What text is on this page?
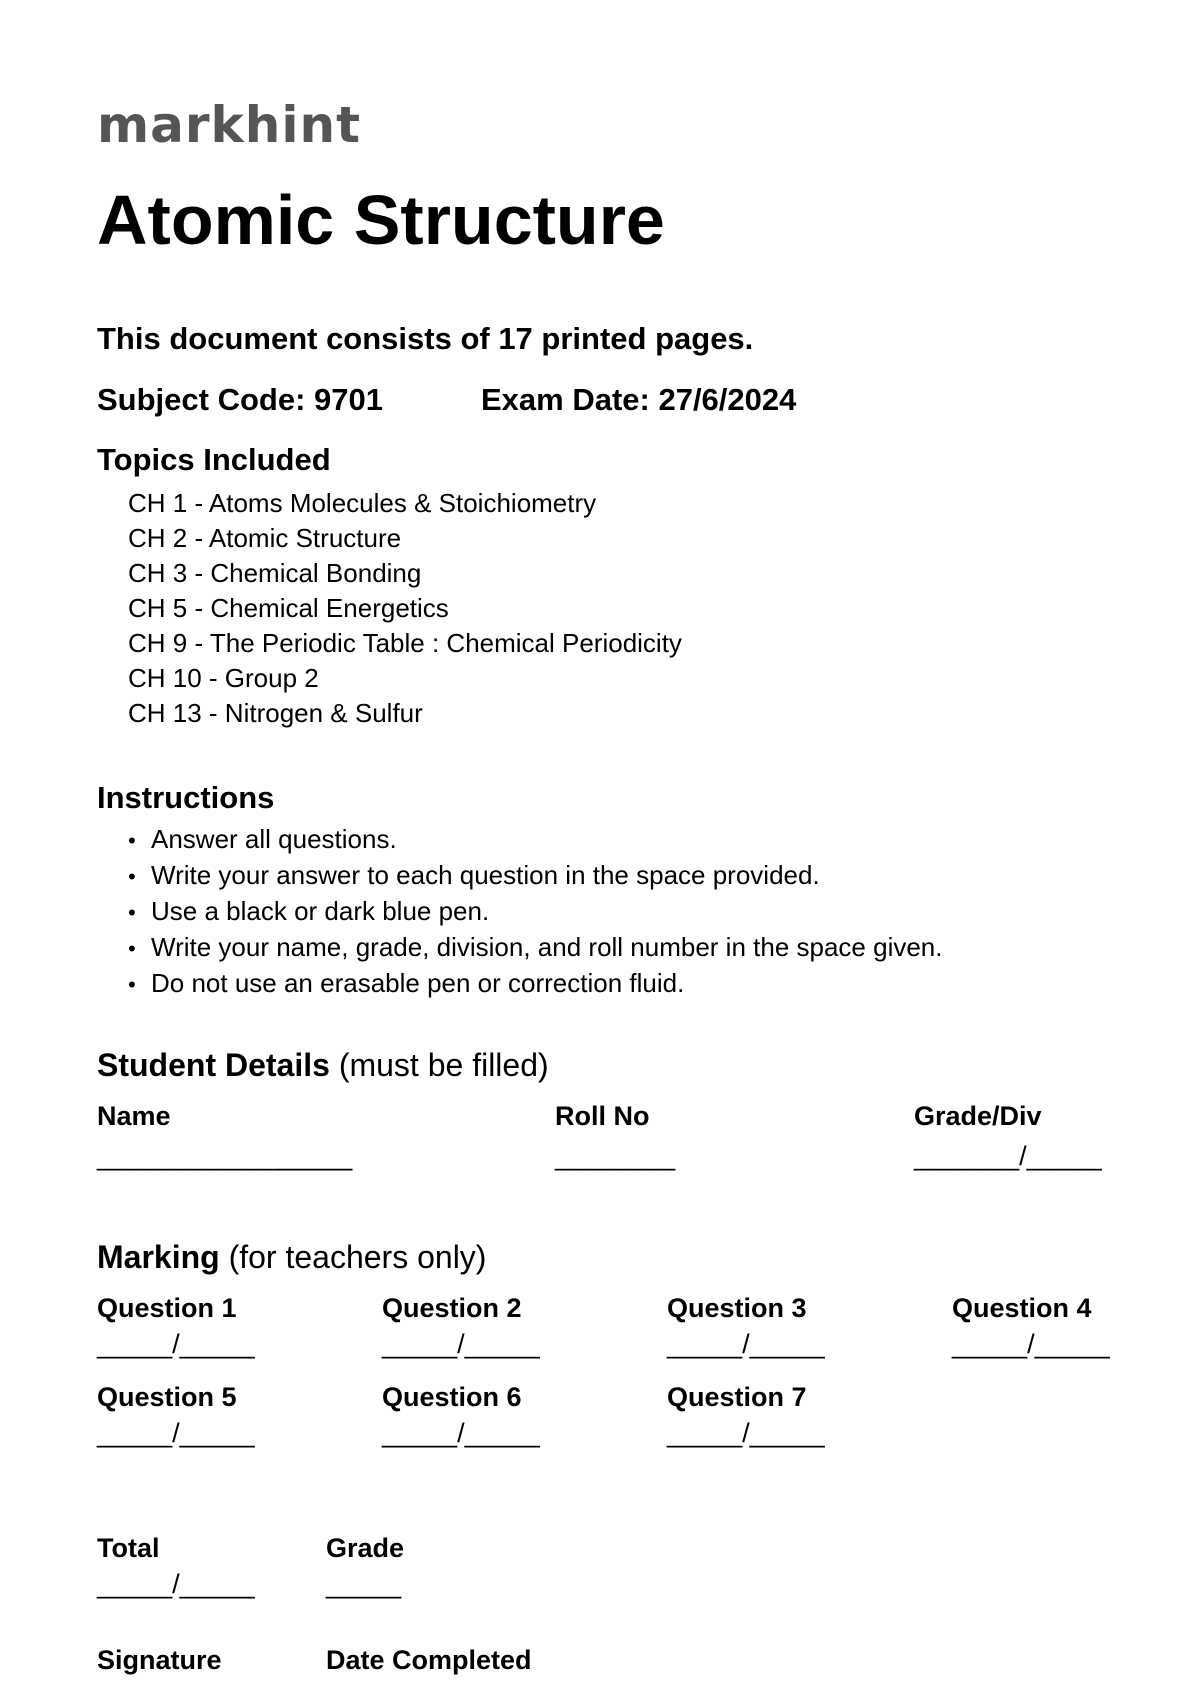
markhint
Atomic Structure
This document consists of 17 printed pages.
Subject Code: 9701	Exam Date: 27/6/2024
Topics Included
CH 1 - Atoms Molecules & Stoichiometry
CH 2 - Atomic Structure
CH 3 - Chemical Bonding
CH 5 - Chemical Energetics
CH 9 - The Periodic Table : Chemical Periodicity
CH 10 - Group 2
CH 13 - Nitrogen & Sulfur
Instructions
• Answer all questions.
• Write your answer to each question in the space provided.
• Use a black or dark blue pen.
• Write your name, grade, division, and roll number in the space given.
• Do not use an erasable pen or correction fluid.
Student Details (must be filled)
Name
_________________
Roll No
________
Grade/Div
_______/_____
Marking (for teachers only)
Question 1
_____/_____
Question 2
_____/_____
Question 3
_____/_____
Question 4
_____/_____
Question 5
_____/_____
Question 6
_____/_____
Question 7
_____/_____
Total
_____/_____
Grade
_____
Signature	Date Completed
